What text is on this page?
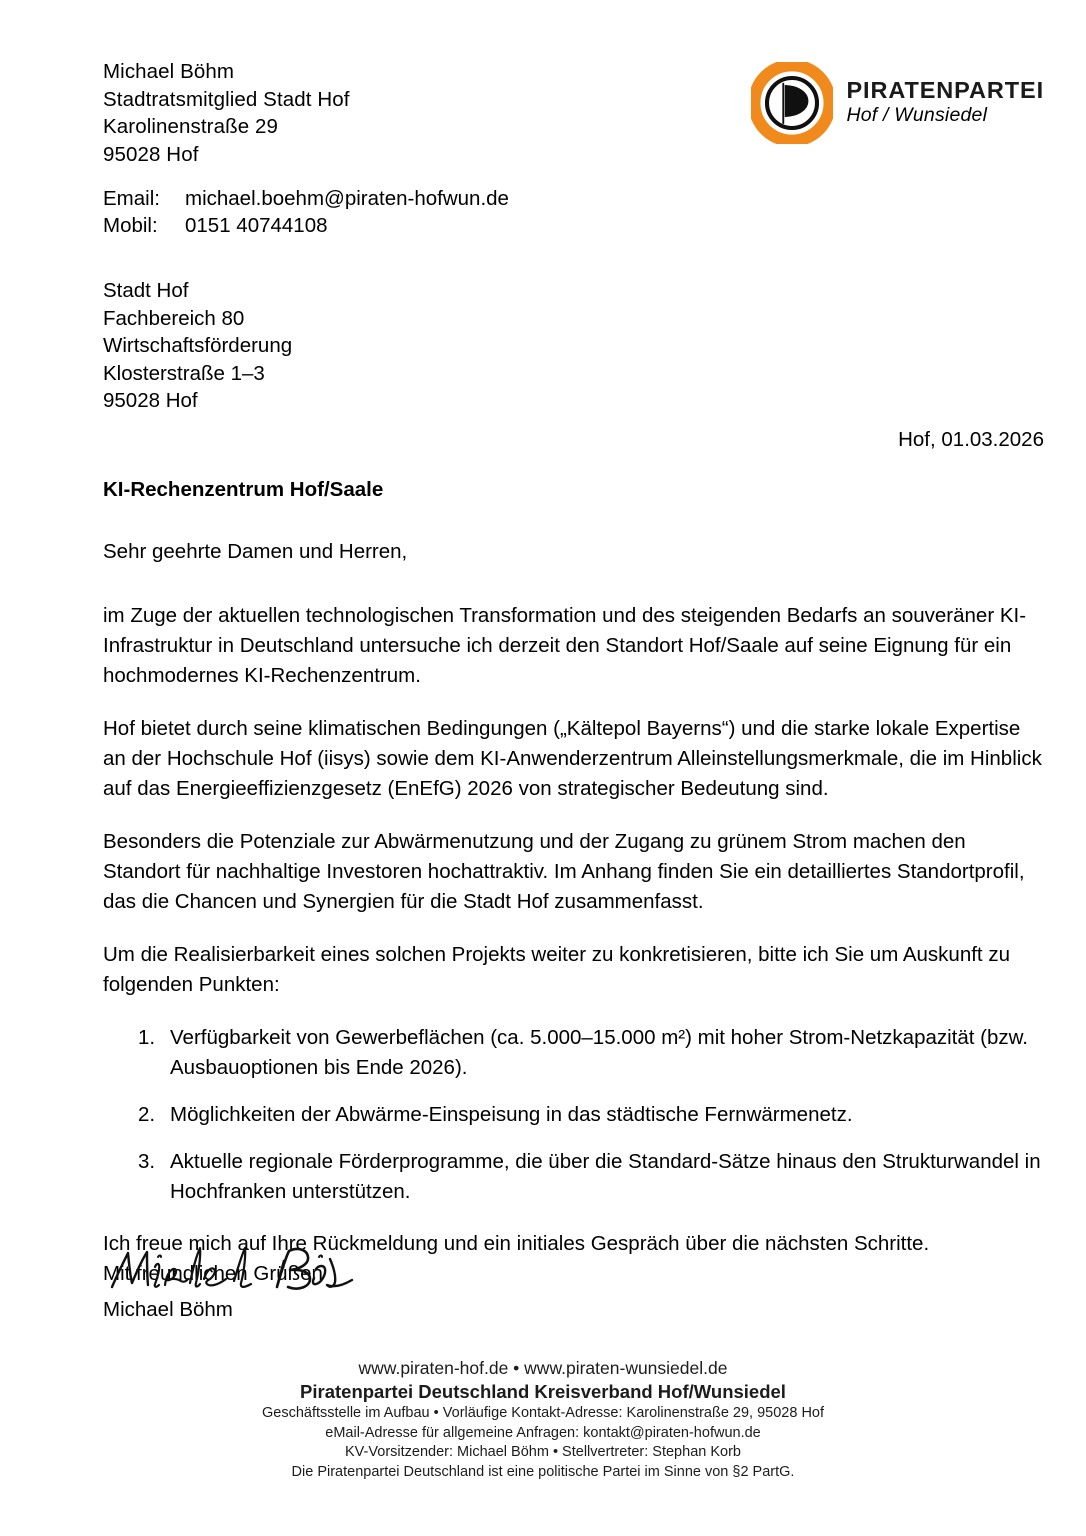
Michael Böhm
Stadtratsmitglied Stadt Hof
Karolinenstraße 29
95028 Hof
Email:	michael.boehm@piraten-hofwun.de
Mobil:	0151 40744108
PIRATENPARTEI
Hof / Wunsiedel
Stadt Hof
Fachbereich 80
Wirtschaftsförderung
Klosterstraße 1–3
95028 Hof
Hof, 01.03.2026

KI-Rechenzentrum Hof/Saale

Sehr geehrte Damen und Herren,

im Zuge der aktuellen technologischen Transformation und des steigenden Bedarfs an souveräner KI-Infrastruktur in Deutschland untersuche ich derzeit den Standort Hof/Saale auf seine Eignung für ein hochmodernes KI-Rechenzentrum.

Hof bietet durch seine klimatischen Bedingungen („Kältepol Bayerns“) und die starke lokale Expertise an der Hochschule Hof (iisys) sowie dem KI-Anwenderzentrum Alleinstellungsmerkmale, die im Hinblick auf das Energieeffizienzgesetz (EnEfG) 2026 von strategischer Bedeutung sind.

Besonders die Potenziale zur Abwärmenutzung und der Zugang zu grünem Strom machen den Standort für nachhaltige Investoren hochattraktiv. Im Anhang finden Sie ein detailliertes Standortprofil, das die Chancen und Synergien für die Stadt Hof zusammenfasst.

Um die Realisierbarkeit eines solchen Projekts weiter zu konkretisieren, bitte ich Sie um Auskunft zu folgenden Punkten:

1. Verfügbarkeit von Gewerbeflächen (ca. 5.000–15.000 m²) mit hoher Strom-Netzkapazität (bzw. Ausbauoptionen bis Ende 2026).
2. Möglichkeiten der Abwärme-Einspeisung in das städtische Fernwärmenetz.
3. Aktuelle regionale Förderprogramme, die über die Standard-Sätze hinaus den Strukturwandel in Hochfranken unterstützen.
Ich freue mich auf Ihre Rückmeldung und ein initiales Gespräch über die nächsten Schritte.
Mit freundlichen Grüßen
Michael Böhm
www.piraten-hof.de • www.piraten-wunsiedel.de
Piratenpartei Deutschland Kreisverband Hof/Wunsiedel
Geschäftsstelle im Aufbau • Vorläufige Kontakt-Adresse: Karolinenstraße 29, 95028 Hof
eMail-Adresse für allgemeine Anfragen: kontakt@piraten-hofwun.de
KV-Vorsitzender: Michael Böhm • Stellvertreter: Stephan Korb
Die Piratenpartei Deutschland ist eine politische Partei im Sinne von §2 PartG.
